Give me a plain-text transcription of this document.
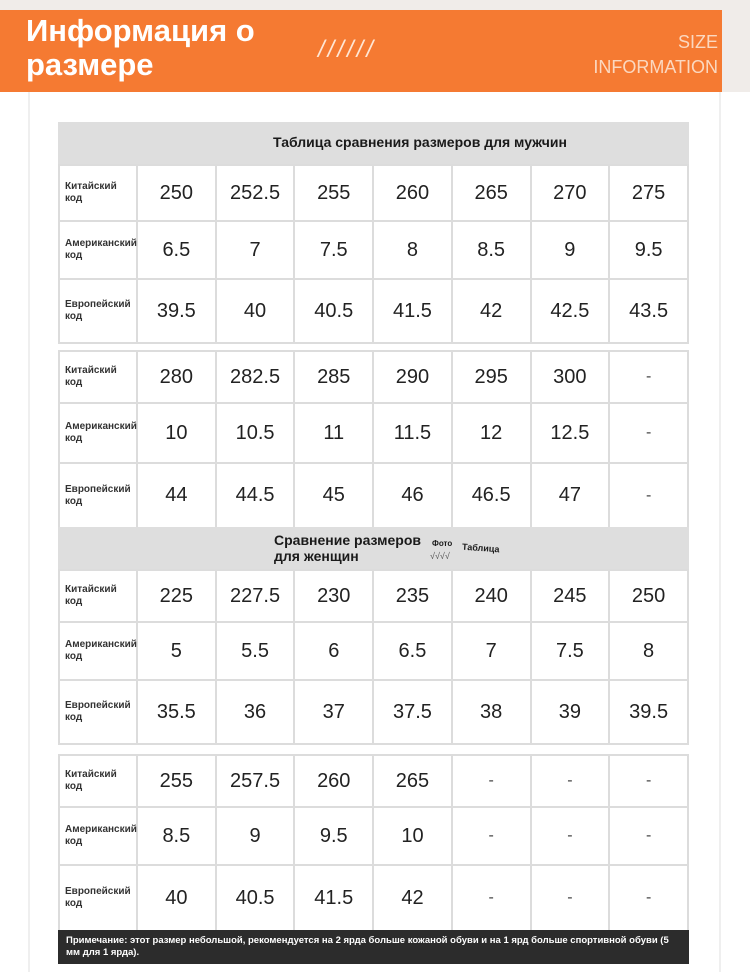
Информация о размере	//////	SIZE
INFORMATION
Таблица сравнения размеров для мужчин
Китайский код	250	252.5	255	260	265	270	275
Американский код	6.5	7	7.5	8	8.5	9	9.5
Европейский код	39.5	40	40.5	41.5	42	42.5	43.5
Китайский код	280	282.5	285	290	295	300	-
Американский код	10	10.5	11	11.5	12	12.5	-
Европейский код	44	44.5	45	46	46.5	47	-
Сравнение размеров для женщин
Фото Таблица
√√√√
Китайский код	225	227.5	230	235	240	245	250
Американский код	5	5.5	6	6.5	7	7.5	8
Европейский код	35.5	36	37	37.5	38	39	39.5
Китайский код	255	257.5	260	265	-	-	-
Американский код	8.5	9	9.5	10	-	-	-
Европейский код	40	40.5	41.5	42	-	-	-
Примечание: этот размер небольшой, рекомендуется на 2 ярда больше кожаной обуви и на 1 ярд больше спортивной обуви (5 мм для 1 ярда).
